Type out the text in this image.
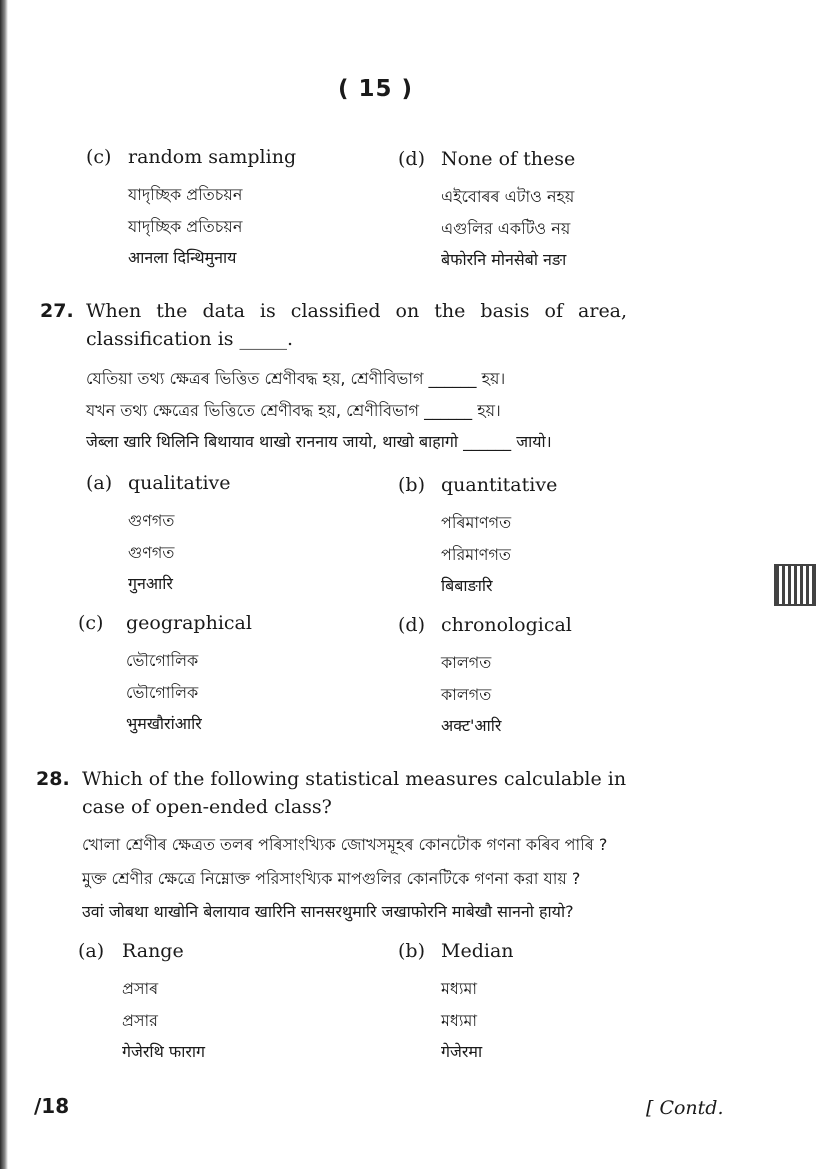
( 15 )
(c) random sampling
যাদৃচ্ছিক প্ৰতিচয়ন
যাদৃচ্ছিক প্রতিচয়ন
आनला दिन्थिमुनाय
(d) None of these
এইবোৰৰ এটাও নহয়
এগুলির একটিও নয়
बेफोरनि मोनसेबो नङा
27. When the data is classified on the basis of area,
classification is _____.
যেতিয়া তথ্য ক্ষেত্ৰৰ ভিত্তিত শ্ৰেণীবদ্ধ হয়, শ্ৰেণীবিভাগ ______ হয়।
যখন তথ্য ক্ষেত্রের ভিত্তিতে শ্রেণীবদ্ধ হয়, শ্রেণীবিভাগ ______ হয়।
जेब्ला खारि थिलिनि बिथायाव थाखो राननाय जायो, थाखो बाहागो ______ जायो।
(a) qualitative
গুণগত
গুণগত
गुनआरि
(b) quantitative
পৰিমাণগত
পরিমাণগত
बिबाङारि
(c) geographical
ভৌগোলিক
ভৌগোলিক
भुमखौरांआरि
(d) chronological
কালগত
কালগত
अक्ट'आरि
28. Which of the following statistical measures calculable in
case of open-ended class?
খোলা শ্ৰেণীৰ ক্ষেত্ৰত তলৰ পৰিসাংখ্যিক জোখসমূহৰ কোনটোক গণনা কৰিব পাৰি ?
মুক্ত শ্রেণীর ক্ষেত্রে নিম্নোক্ত পরিসাংখ্যিক মাপগুলির কোনটিকে গণনা করা যায় ?
उवां जोबथा थाखोनि बेलायाव खारिनि सानसरथुमारि जखाफोरनि माबेखौ साननो हायो?
(a) Range
প্ৰসাৰ
প্রসার
गेजेरथि फाराग
(b) Median
মধ্যমা
মধ্যমা
गेजेरमा
/18	[ Contd.
